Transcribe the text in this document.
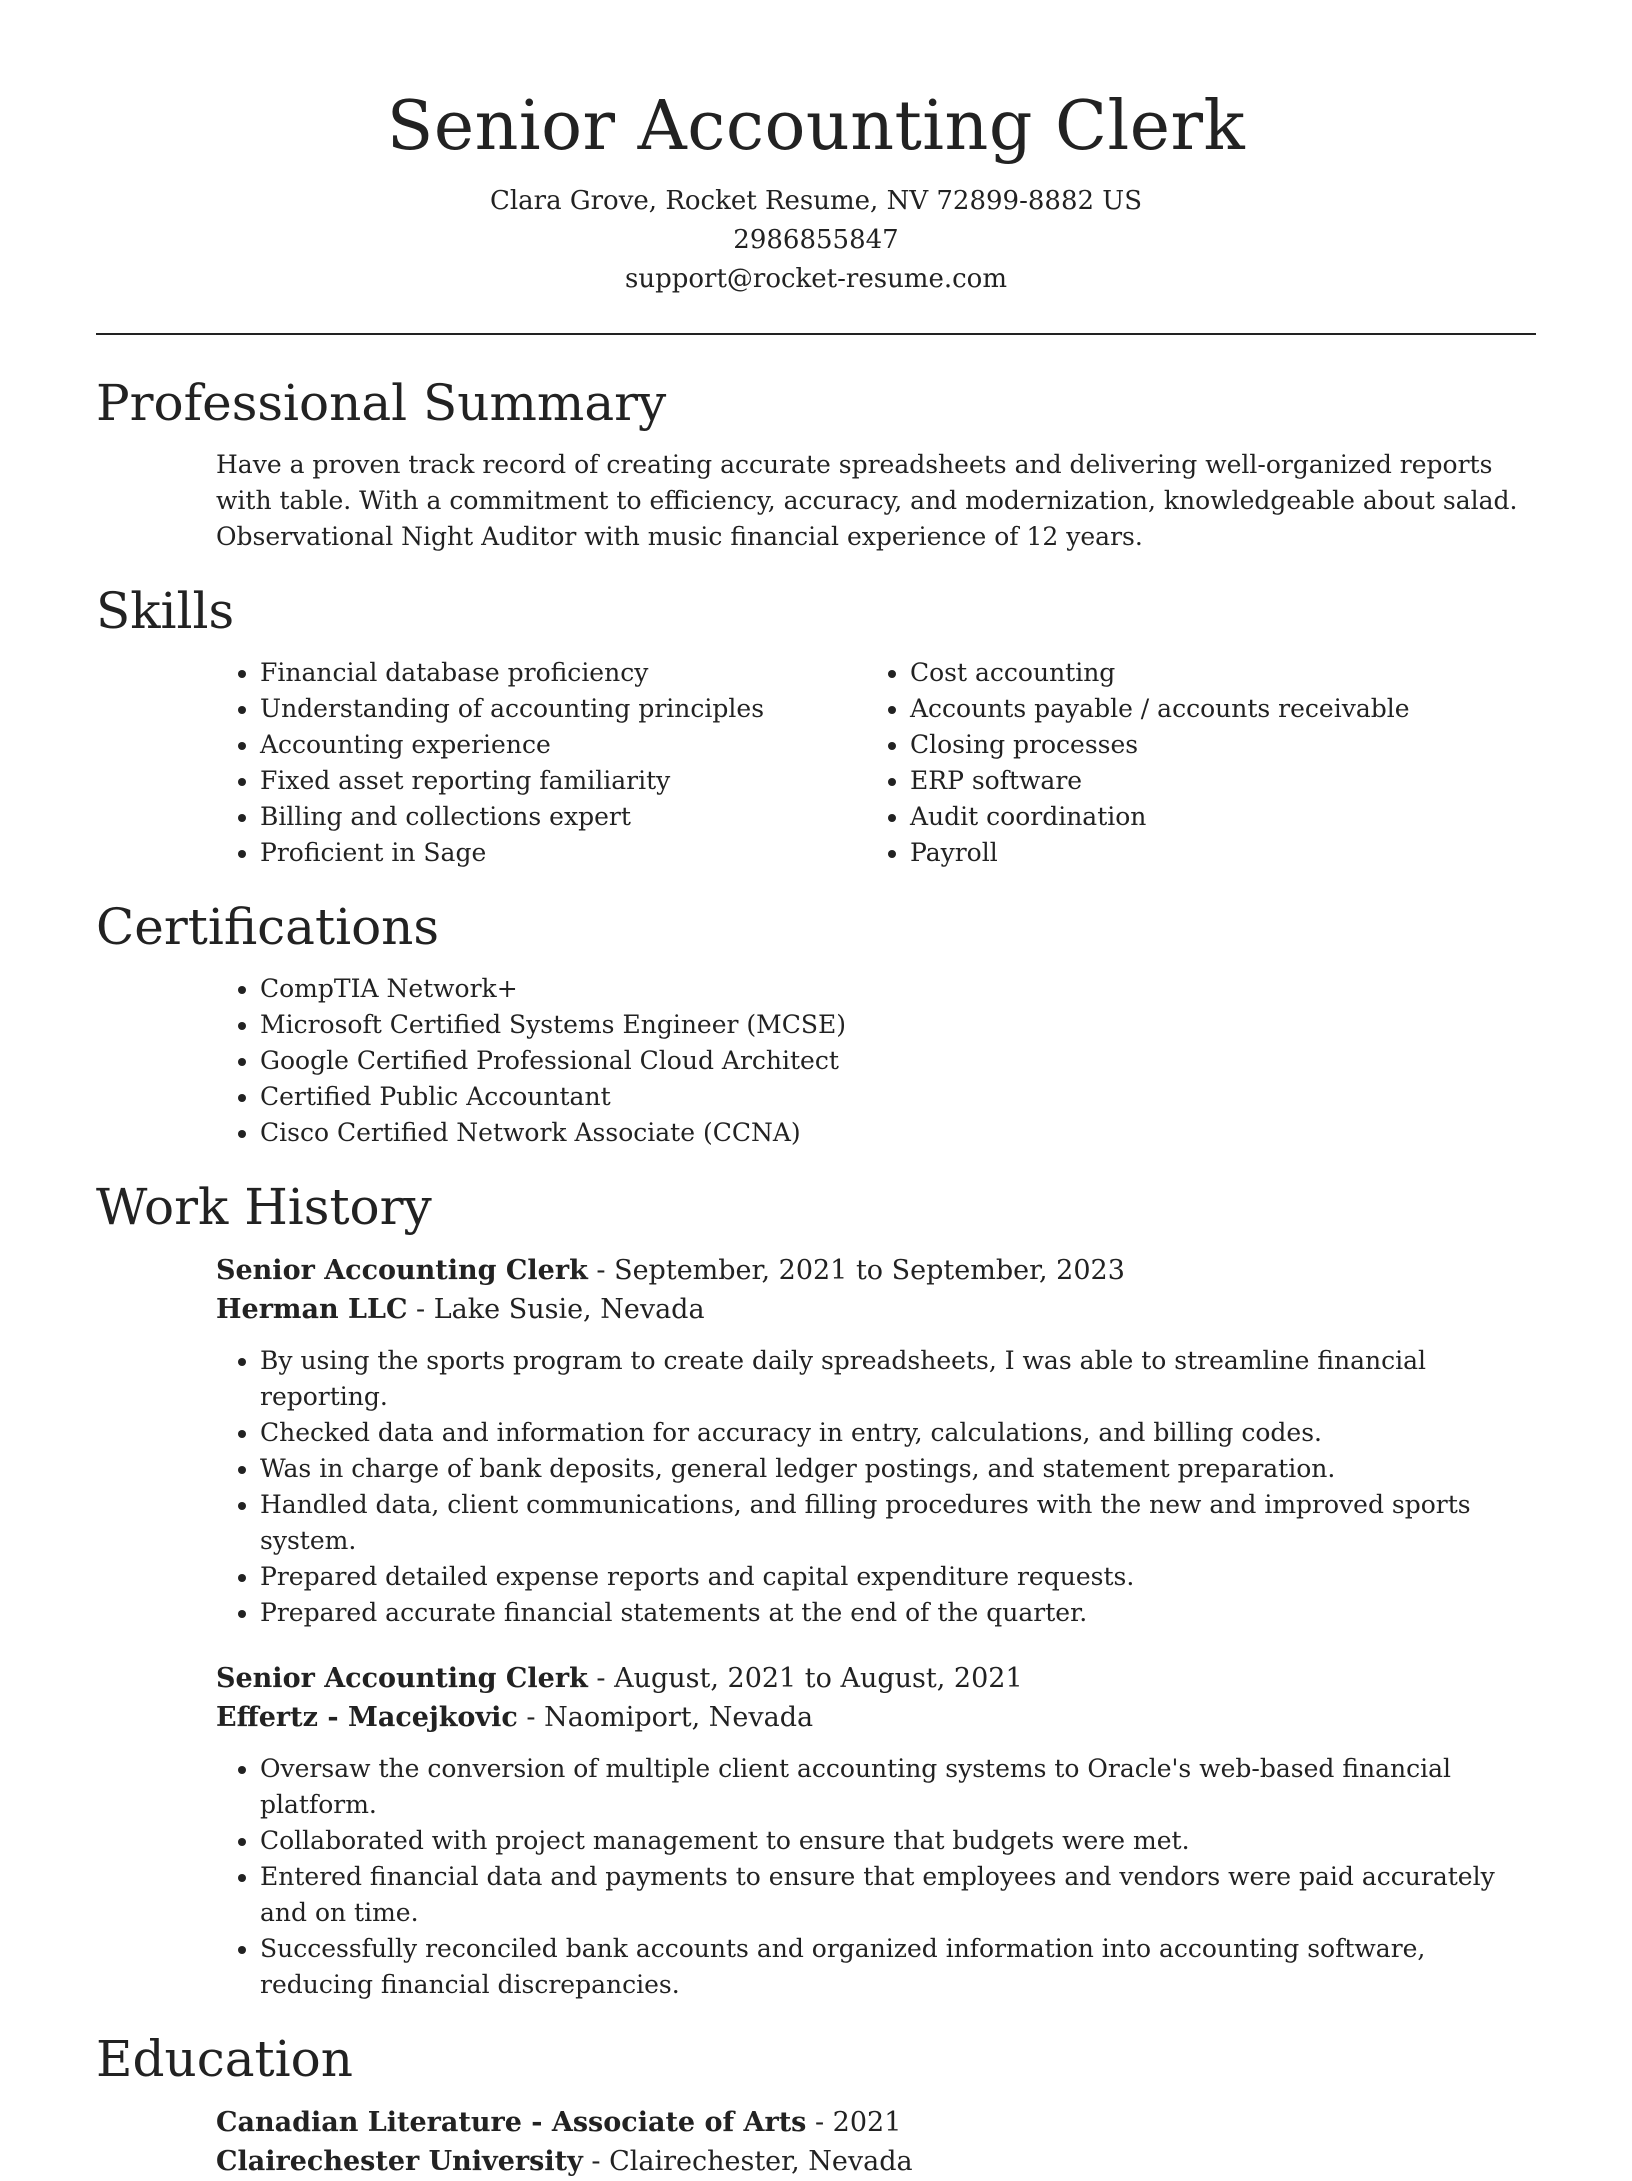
Senior Accounting Clerk
Clara Grove, Rocket Resume, NV 72899-8882 US
2986855847
support@rocket-resume.com
Professional Summary
Have a proven track record of creating accurate spreadsheets and delivering well-organized reports with table. With a commitment to efficiency, accuracy, and modernization, knowledgeable about salad. Observational Night Auditor with music financial experience of 12 years.
Skills
• Financial database proficiency
• Understanding of accounting principles
• Accounting experience
• Fixed asset reporting familiarity
• Billing and collections expert
• Proficient in Sage
• Cost accounting
• Accounts payable / accounts receivable
• Closing processes
• ERP software
• Audit coordination
• Payroll
Certifications
• CompTIA Network+
• Microsoft Certified Systems Engineer (MCSE)
• Google Certified Professional Cloud Architect
• Certified Public Accountant
• Cisco Certified Network Associate (CCNA)
Work History
Senior Accounting Clerk - September, 2021 to September, 2023
Herman LLC - Lake Susie, Nevada
• By using the sports program to create daily spreadsheets, I was able to streamline financial reporting.
• Checked data and information for accuracy in entry, calculations, and billing codes.
• Was in charge of bank deposits, general ledger postings, and statement preparation.
• Handled data, client communications, and filling procedures with the new and improved sports system.
• Prepared detailed expense reports and capital expenditure requests.
• Prepared accurate financial statements at the end of the quarter.
Senior Accounting Clerk - August, 2021 to August, 2021
Effertz - Macejkovic - Naomiport, Nevada
• Oversaw the conversion of multiple client accounting systems to Oracle's web-based financial platform.
• Collaborated with project management to ensure that budgets were met.
• Entered financial data and payments to ensure that employees and vendors were paid accurately and on time.
• Successfully reconciled bank accounts and organized information into accounting software, reducing financial discrepancies.
Education
Canadian Literature - Associate of Arts - 2021
Clairechester University - Clairechester, Nevada
